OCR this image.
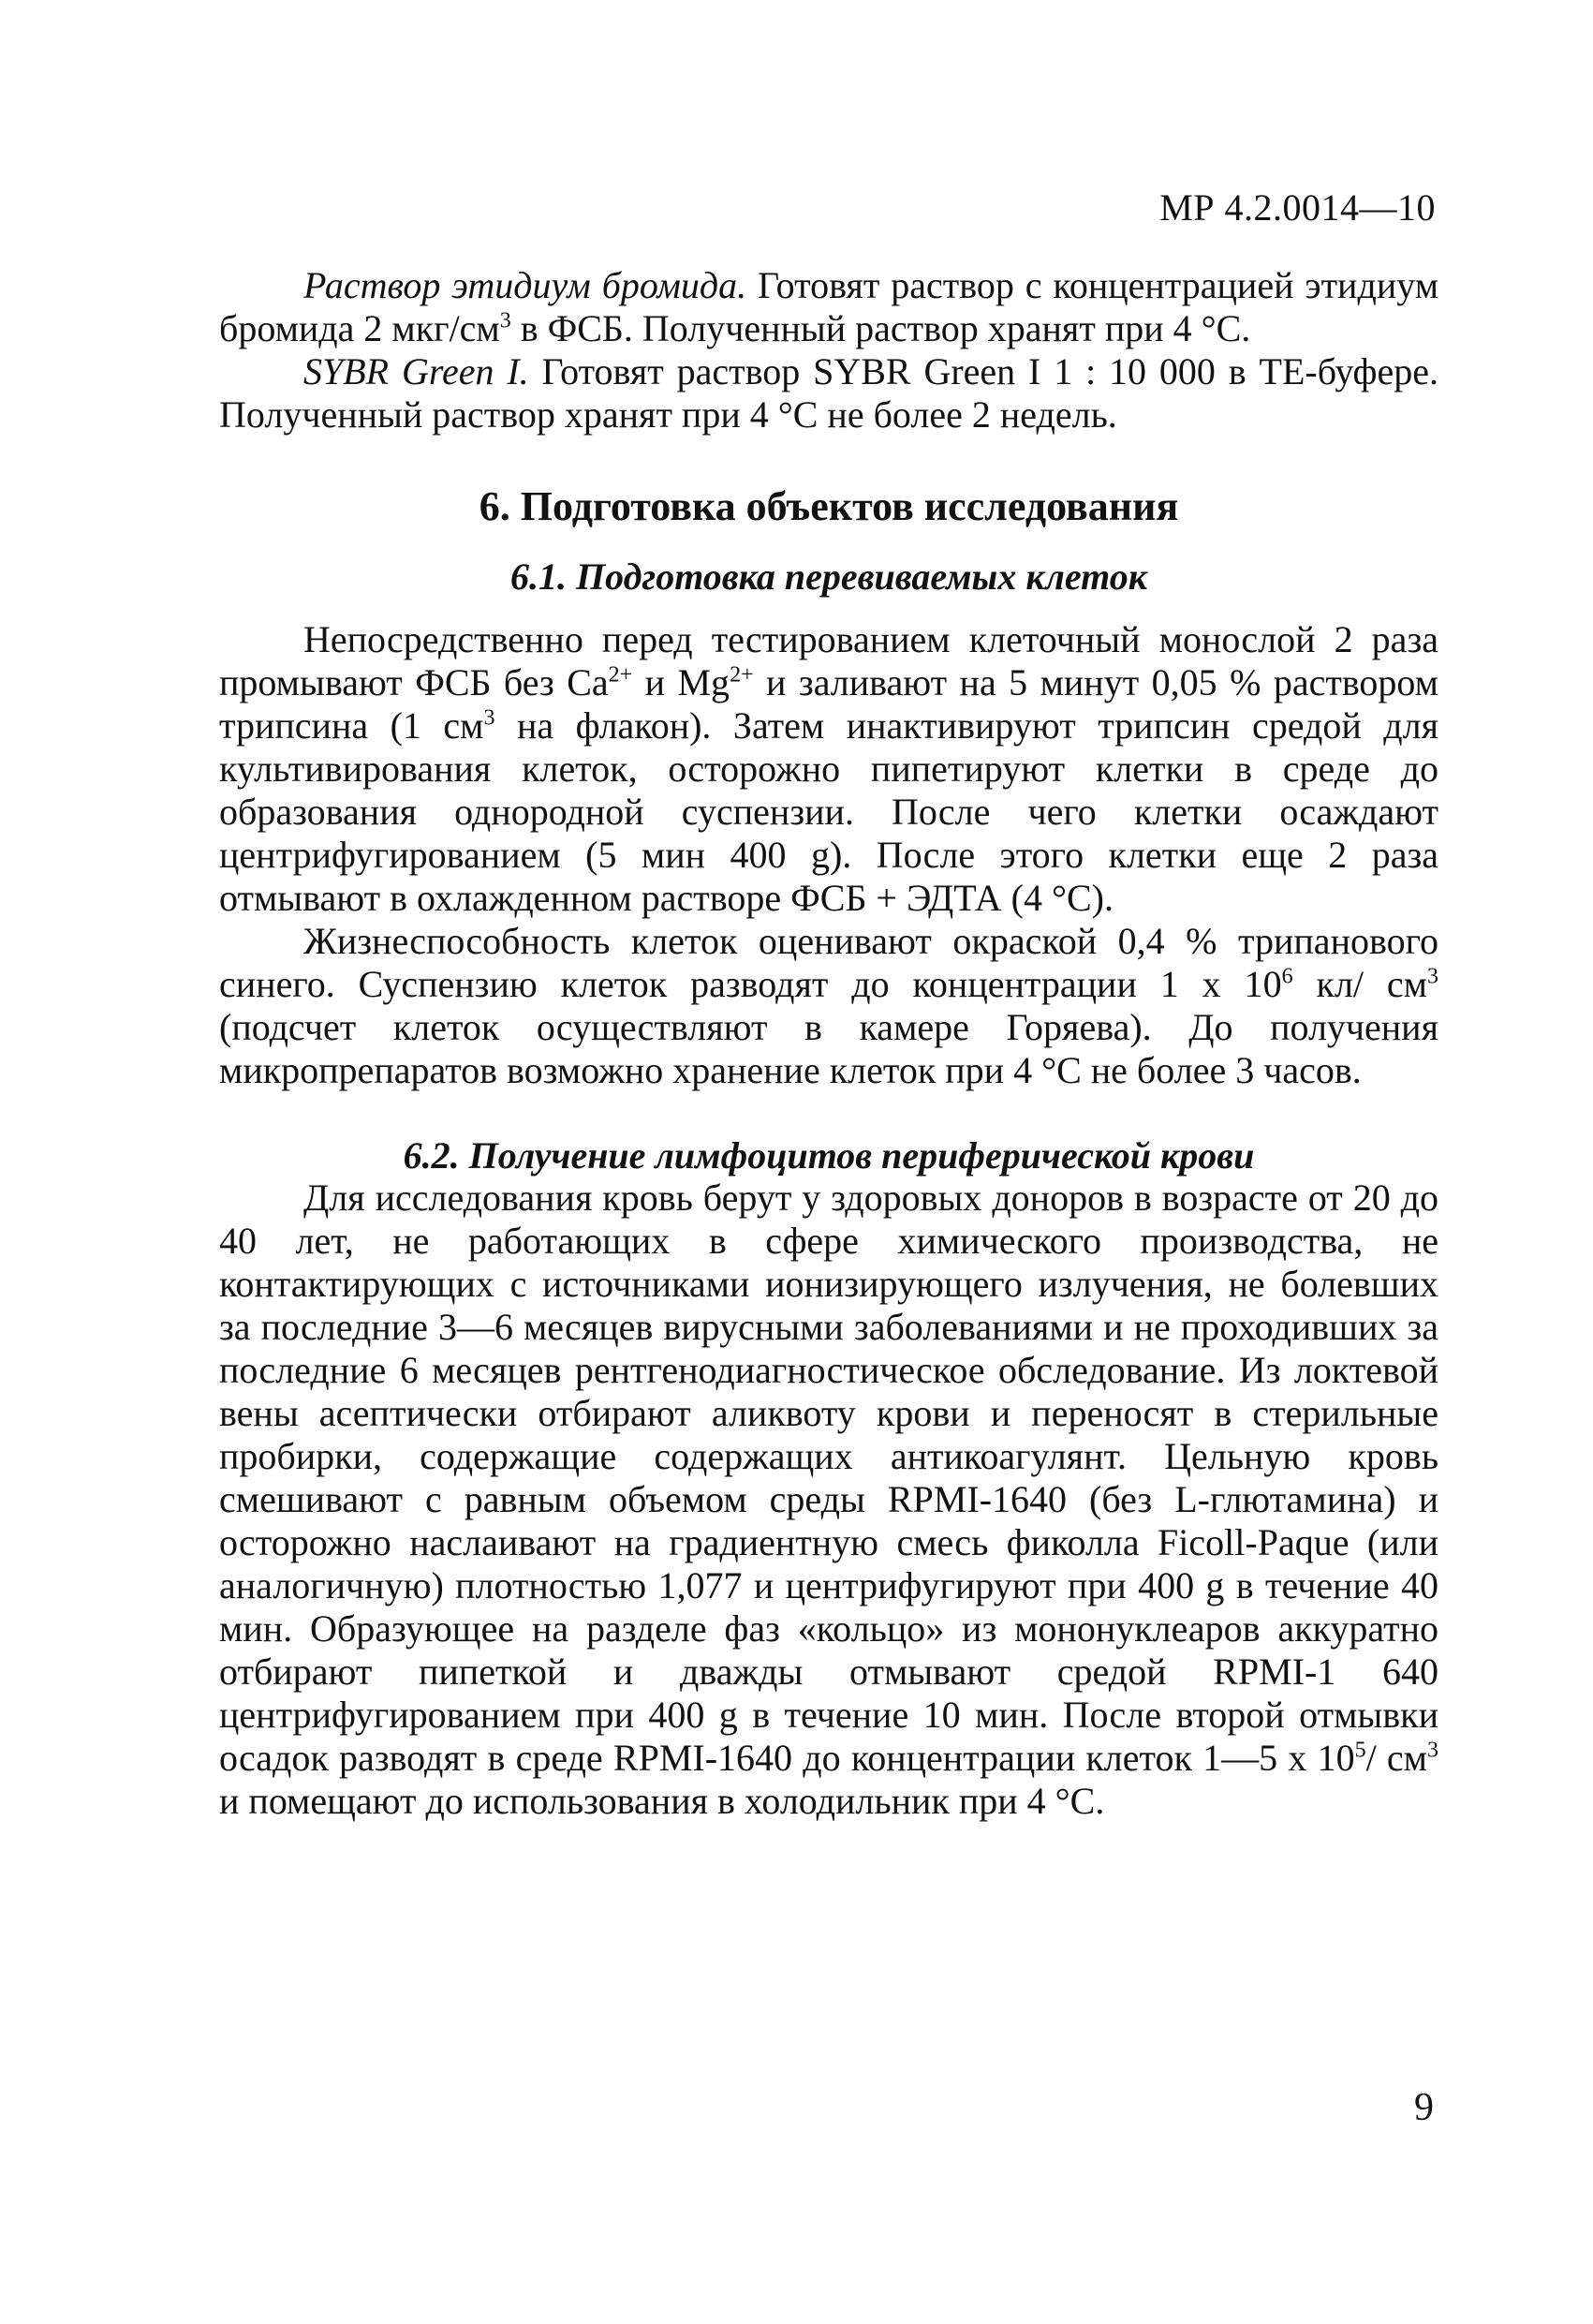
МР 4.2.0014—10

Раствор этидиум бромида. Готовят раствор с концентрацией этидиум бромида 2 мкг/$см^3$ в ФСБ. Полученный раствор хранят при 4 °С.

SYBR Green I. Готовят раствор SYBR Green I 1 : 10 000 в ТЕ-буфере. Полученный раствор хранят при 4 °С не более 2 недель.

6. Подготовка объектов исследования
6.1. Подготовка перевиваемых клеток

Непосредственно перед тестированием клеточный монослой 2 раза промывают ФСБ без $Ca^{2+}$ и $Mg^{2+}$ и заливают на 5 минут 0,05 % раствором трипсина (1 $см^3$ на флакон). Затем инактивируют трипсин средой для культивирования клеток, осторожно пипетируют клетки в среде до образования однородной суспензии. После чего клетки осаждают центрифугированием (5 мин 400 g). После этого клетки еще 2 раза отмывают в охлажденном растворе ФСБ + ЭДТА (4 °С).

Жизнеспособность клеток оценивают окраской 0,4 % трипанового синего. Суспензию клеток разводят до концентрации 1 х $10^6$ кл/ $см^3$ (подсчет клеток осуществляют в камере Горяева). До получения микропрепаратов возможно хранение клеток при 4 °С не более 3 часов.

6.2. Получение лимфоцитов периферической крови

Для исследования кровь берут у здоровых доноров в возрасте от 20 до 40 лет, не работающих в сфере химического производства, не контактирующих с источниками ионизирующего излучения, не болевших за последние 3—6 месяцев вирусными заболеваниями и не проходивших за последние 6 месяцев рентгенодиагностическое обследование. Из локтевой вены асептически отбирают аликвоту крови и переносят в стерильные пробирки, содержащие содержащих антикоагулянт. Цельную кровь смешивают с равным объемом среды RPMI-1640 (без L-глютамина) и осторожно наслаивают на градиентную смесь фиколла Ficoll-Paque (или аналогичную) плотностью 1,077 и центрифугируют при 400 g в течение 40 мин. Образующее на разделе фаз «кольцо» из мононуклеаров аккуратно отбирают пипеткой и дважды отмывают средой RPMI-1 640 центрифугированием при 400 g в течение 10 мин. После второй отмывки осадок разводят в среде RPMI-1640 до концентрации клеток 1—5 х $10^5/$ $см^3$ и помещают до использования в холодильник при 4 °С.

9
